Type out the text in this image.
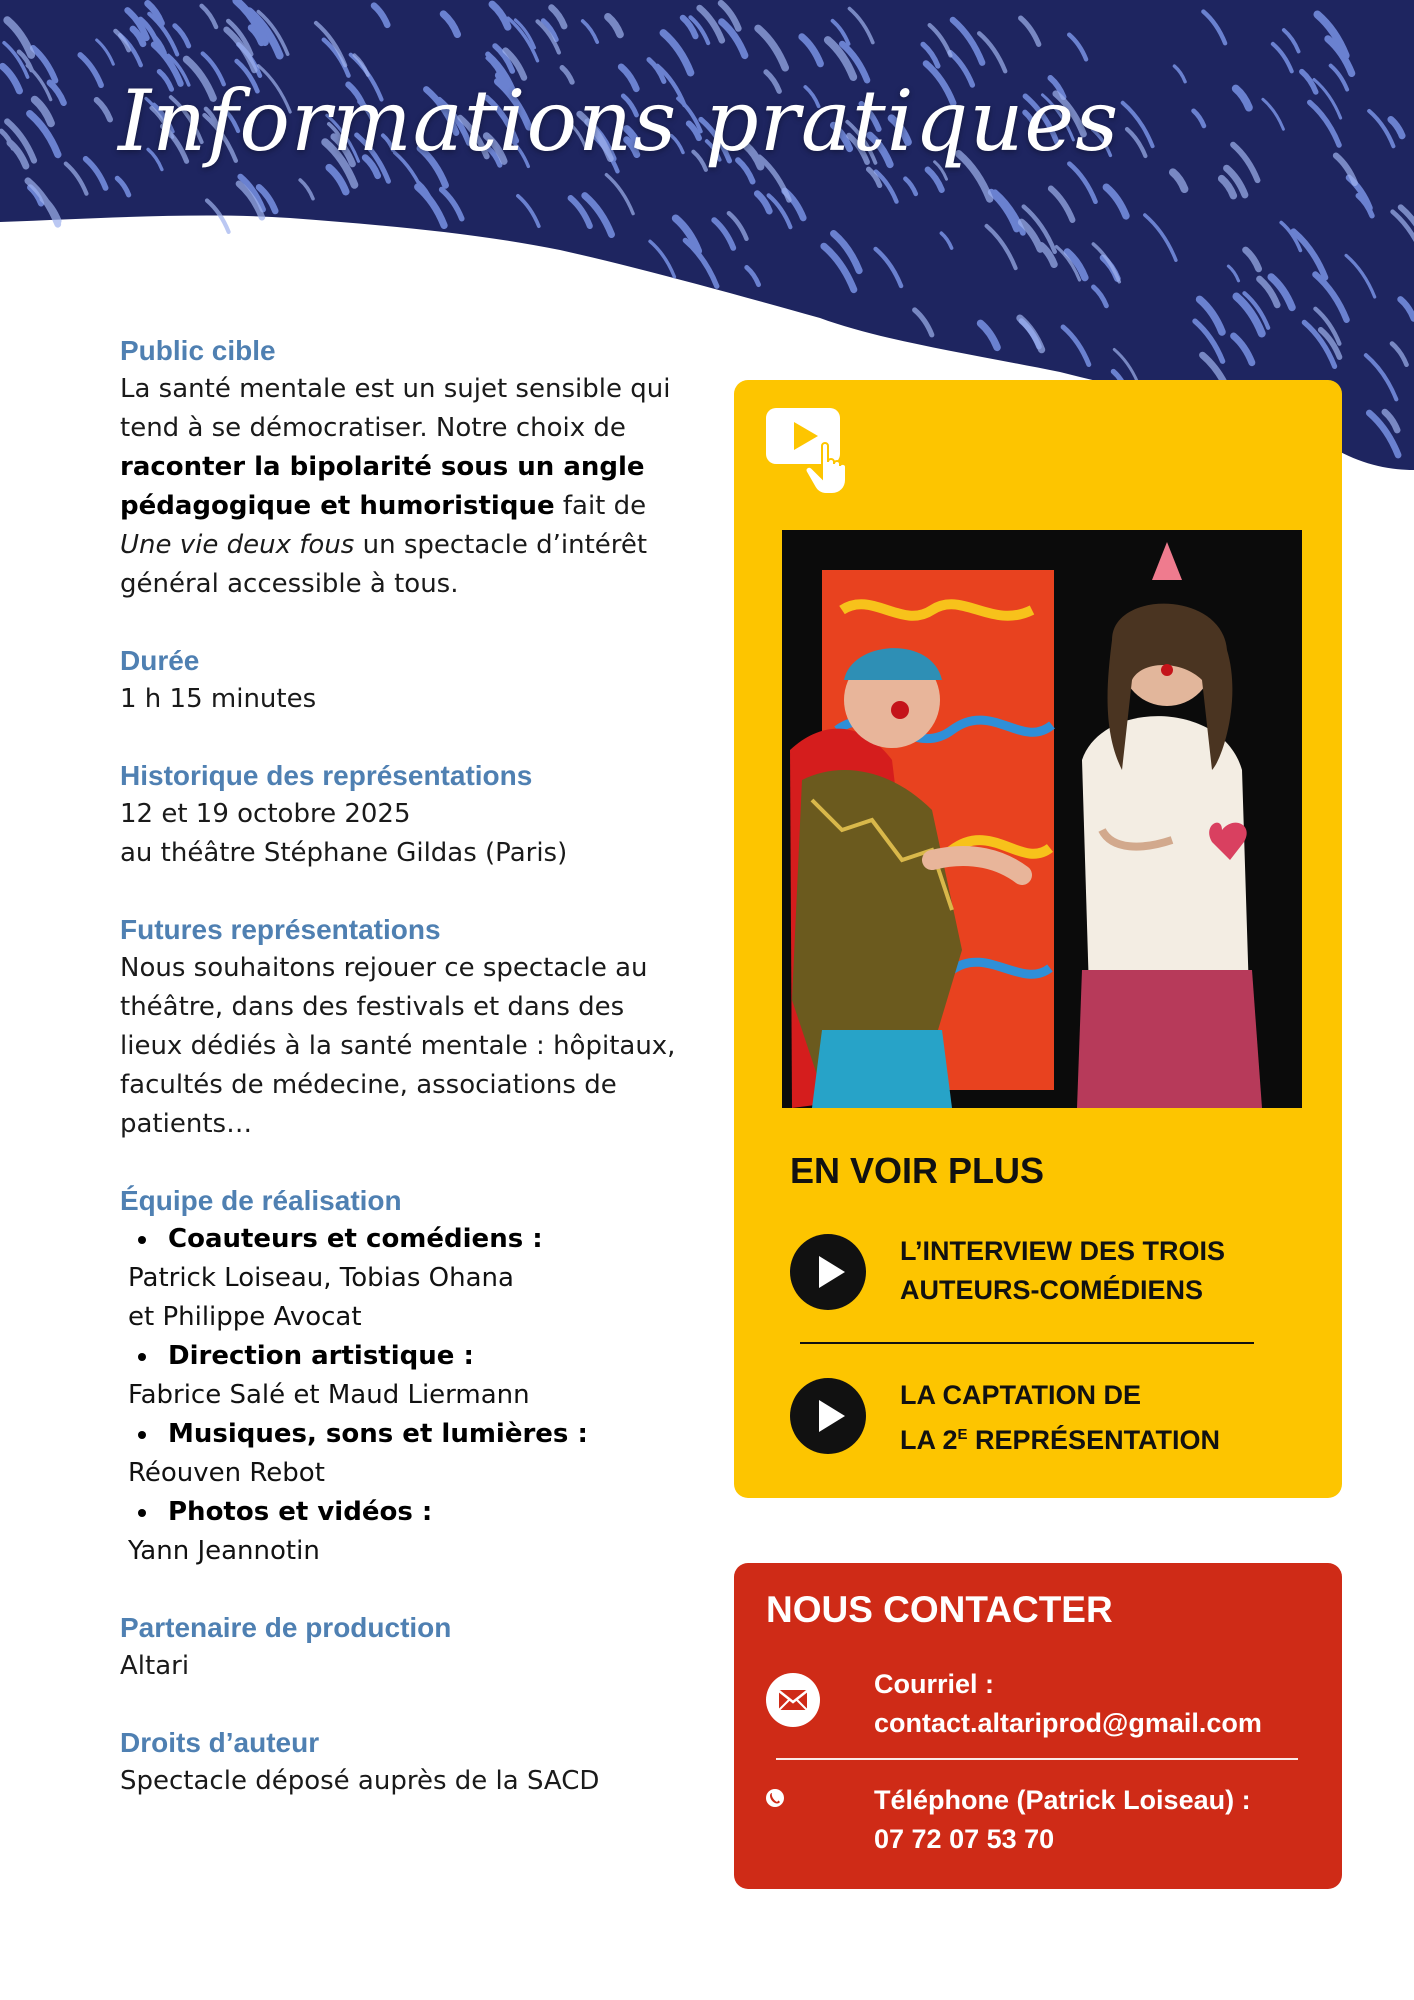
Informations pratiques
Public cible
La santé mentale est un sujet sensible qui tend à se démocratiser. Notre choix de raconter la bipolarité sous un angle pédagogique et humoristique fait de Une vie deux fous un spectacle d’intérêt général accessible à tous.
Durée
1 h 15 minutes
Historique des représentations
12 et 19 octobre 2025
au théâtre Stéphane Gildas (Paris)
Futures représentations
Nous souhaitons rejouer ce spectacle au théâtre, dans des festivals et dans des lieux dédiés à la santé mentale : hôpitaux, facultés de médecine, associations de patients…
Équipe de réalisation
Coauteurs et comédiens :
Patrick Loiseau, Tobias Ohana
et Philippe Avocat
Direction artistique :
Fabrice Salé et Maud Liermann
Musiques, sons et lumières :
Réouven Rebot
Photos et vidéos :
Yann Jeannotin
Partenaire de production
Altari
Droits d’auteur
Spectacle déposé auprès de la SACD
EN VOIR PLUS
L’INTERVIEW DES TROIS
AUTEURS-COMÉDIENS
LA CAPTATION DE
LA $2^E$ REPRÉSENTATION
NOUS CONTACTER
Courriel :
contact.altariprod@gmail.com
Téléphone (Patrick Loiseau) :
07 72 07 53 70
